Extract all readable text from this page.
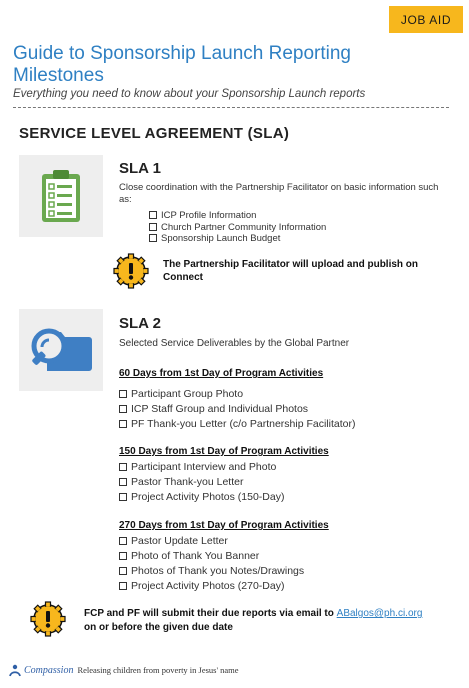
JOB AID
Guide to Sponsorship Launch Reporting Milestones
Everything you need to know about your Sponsorship Launch reports
SERVICE LEVEL AGREEMENT (SLA)
SLA 1
Close coordination with the Partnership Facilitator on basic information such as:
ICP Profile Information
Church Partner Community Information
Sponsorship Launch Budget
The Partnership Facilitator will upload and publish on Connect
SLA 2
Selected Service Deliverables by the Global Partner
60 Days from 1st Day of Program Activities
Participant Group Photo
ICP Staff Group and Individual Photos
PF Thank-you Letter (c/o Partnership Facilitator)
150 Days from 1st Day of Program Activities
Participant Interview and Photo
Pastor Thank-you Letter
Project Activity Photos (150-Day)
270 Days from 1st Day of Program Activities
Pastor Update Letter
Photo of Thank You Banner
Photos of Thank you Notes/Drawings
Project Activity Photos (270-Day)
FCP and PF will submit their due reports via email to ABalgos@ph.ci.org
on or before the given due date
Compassion Releasing children from poverty in Jesus' name
